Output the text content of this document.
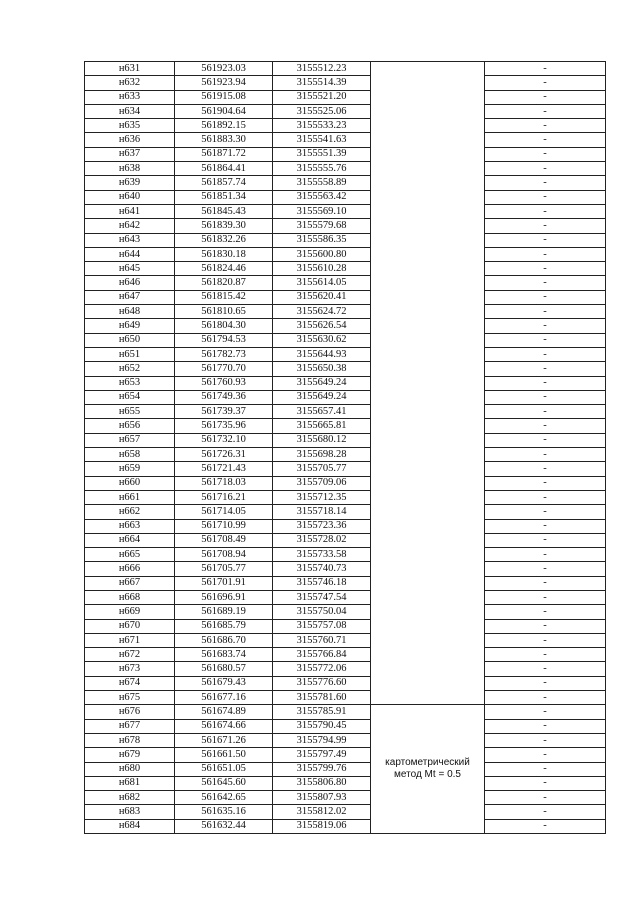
н631	561923.03	3155512.23		-
н632	561923.94	3155514.39		-
н633	561915.08	3155521.20		-
н634	561904.64	3155525.06		-
н635	561892.15	3155533.23		-
н636	561883.30	3155541.63		-
н637	561871.72	3155551.39		-
н638	561864.41	3155555.76		-
н639	561857.74	3155558.89		-
н640	561851.34	3155563.42		-
н641	561845.43	3155569.10		-
н642	561839.30	3155579.68		-
н643	561832.26	3155586.35		-
н644	561830.18	3155600.80		-
н645	561824.46	3155610.28		-
н646	561820.87	3155614.05		-
н647	561815.42	3155620.41		-
н648	561810.65	3155624.72		-
н649	561804.30	3155626.54		-
н650	561794.53	3155630.62		-
н651	561782.73	3155644.93		-
н652	561770.70	3155650.38		-
н653	561760.93	3155649.24		-
н654	561749.36	3155649.24		-
н655	561739.37	3155657.41		-
н656	561735.96	3155665.81		-
н657	561732.10	3155680.12		-
н658	561726.31	3155698.28		-
н659	561721.43	3155705.77		-
н660	561718.03	3155709.06		-
н661	561716.21	3155712.35		-
н662	561714.05	3155718.14		-
н663	561710.99	3155723.36		-
н664	561708.49	3155728.02		-
н665	561708.94	3155733.58		-
н666	561705.77	3155740.73		-
н667	561701.91	3155746.18		-
н668	561696.91	3155747.54		-
н669	561689.19	3155750.04		-
н670	561685.79	3155757.08		-
н671	561686.70	3155760.71		-
н672	561683.74	3155766.84		-
н673	561680.57	3155772.06		-
н674	561679.43	3155776.60		-
н675	561677.16	3155781.60		-
н676	561674.89	3155785.91	картометрический
метод Mt = 0.5	-
н677	561674.66	3155790.45		-
н678	561671.26	3155794.99		-
н679	561661.50	3155797.49		-
н680	561651.05	3155799.76		-
н681	561645.60	3155806.80		-
н682	561642.65	3155807.93		-
н683	561635.16	3155812.02		-
н684	561632.44	3155819.06		-
